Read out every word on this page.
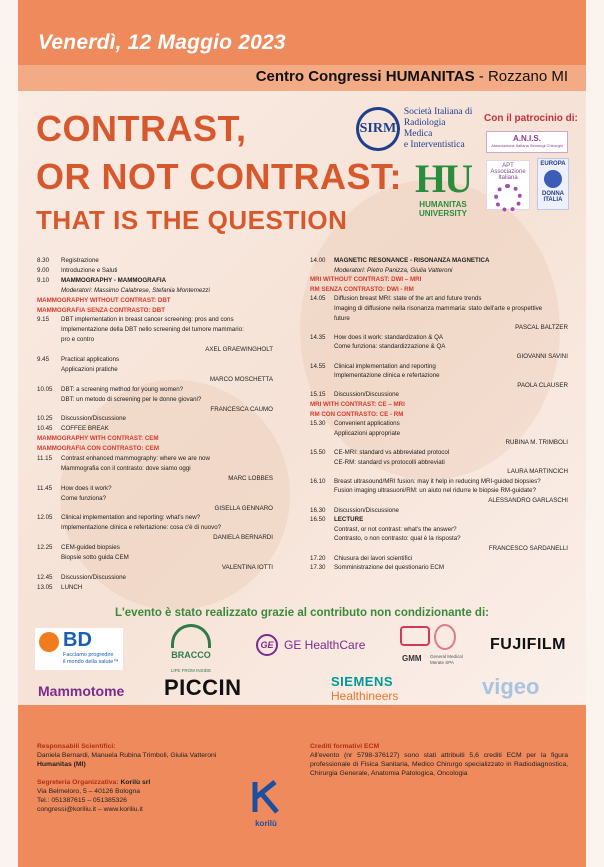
Venerdì, 12 Maggio 2023
Centro Congressi HUMANITAS - Rozzano MI
CONTRAST,
OR NOT CONTRAST:
THAT IS THE QUESTION
SIRM
Società Italiana di
Radiologia Medica
e Interventistica
Con il patrocinio di:
A.N.I.S.
Associazione Italiana Senologi Chirurghi
HU
HUMANITAS
UNIVERSITY
APT Associazione Italiana
EUROPA
DONNA
ITALIA
8.30 Registrazione
9.00 Introduzione e Saluti
9.10 MAMMOGRAPHY - MAMMOGRAFIA
Moderatori: Massimo Calabrese, Stefania Montemezzi
MAMMOGRAPHY WITHOUT CONTRAST: DBT
MAMMOGRAFIA SENZA CONTRASTO: DBT
9.15 DBT implementation in breast cancer screening: pros and cons
Implementazione della DBT nello screening del tumore mammario:
pro e contro
AXEL GRAEWINGHOLT
9.45 Practical applications
Applicazioni pratiche
MARCO MOSCHETTA
10.05 DBT: a screening method for young women?
DBT: un metodo di screening per le donne giovani?
FRANCESCA CAUMO
10.25 Discussion/Discussione
10.45 COFFEE BREAK
MAMMOGRAPHY WITH CONTRAST: CEM
MAMMOGRAFIA CON CONTRASTO: CEM
11.15 Contrast enhanced mammography: where we are now
Mammografia con il contrasto: dove siamo oggi
MARC LOBBES
11.45 How does it work?
Come funziona?
GISELLA GENNARO
12.05 Clinical implementation and reporting: what's new?
Implementazione clinica e refertazione: cosa c'è di nuovo?
DANIELA BERNARDI
12.25 CEM-guided biopsies
Biopsie sotto guida CEM
VALENTINA IOTTI
12.45 Discussion/Discussione
13.05 LUNCH
14.00 MAGNETIC RESONANCE - RISONANZA MAGNETICA
Moderatori: Pietro Panizza, Giulia Vatteroni
MRI WITHOUT CONTRAST: DWI – MRI
RM SENZA CONTRASTO: DWI - RM
14.05 Diffusion breast MRI: state of the art and future trends
Imaging di diffusione nella risonanza mammaria: stato dell'arte e prospettive
future
PASCAL BALTZER
14.35 How does it work: standardization & QA
Come funziona: standardizzazione & QA
GIOVANNI SAVINI
14.55 Clinical implementation and reporting
Implementazione clinica e refertazione
PAOLA CLAUSER
15.15 Discussion/Discussione
MRI WITH CONTRAST: CE – MRI
RM CON CONTRASTO: CE - RM
15.30 Convenient applications
Applicazioni appropriate
RUBINA M. TRIMBOLI
15.50 CE-MRI: standard vs abbreviated protocol
CE-RM: standard vs protocolli abbreviati
LAURA MARTINCICH
16.10 Breast ultrasound/MRI fusion: may it help in reducing MRI-guided biopsies?
Fusion imaging ultrasuoni/RM: un aiuto nel ridurre le biopsie RM-guidate?
ALESSANDRO GARLASCHI
16.30 Discussion/Discussione
16.50 LECTURE
Contrast, or not contrast: what's the answer?
Contrasto, o non contrasto: qual è la risposta?
FRANCESCO SARDANELLI
17.20 Chiusura dei lavori scientifici
17.30 Somministrazione del questionario ECM
L'evento è stato realizzato grazie al contributo non condizionante di:
BD
Facciamo progredire
il mondo della salute™
BRACCO
LIFE FROM INSIDE
GE GE HealthCare
GMM General Medical Merate SPA
FUJIFILM
Mammotome PICCIN	SIEMENS
Healthineers	vigeo
Responsabili Scientifici:
Daniela Bernardi, Manuela Rubina Trimboli, Giulia Vatteroni
Humanitas (MI)
Segreteria Organizzativa: Korilù srl
Via Belmeloro, 5 – 40126 Bologna
Tel.: 051387615 – 051385326
congressi@koriliu.it – www.koriliu.it
korilù
Crediti formativi ECM
All'evento (nr 5798-376127) sono stati attribuiti 5,6 crediti ECM per la figura professionale di Fisica Sanitaria, Medico Chirurgo specializzato in Radiodiagnostica, Chirurgia Generale, Anatomia Patologica, Oncologia
